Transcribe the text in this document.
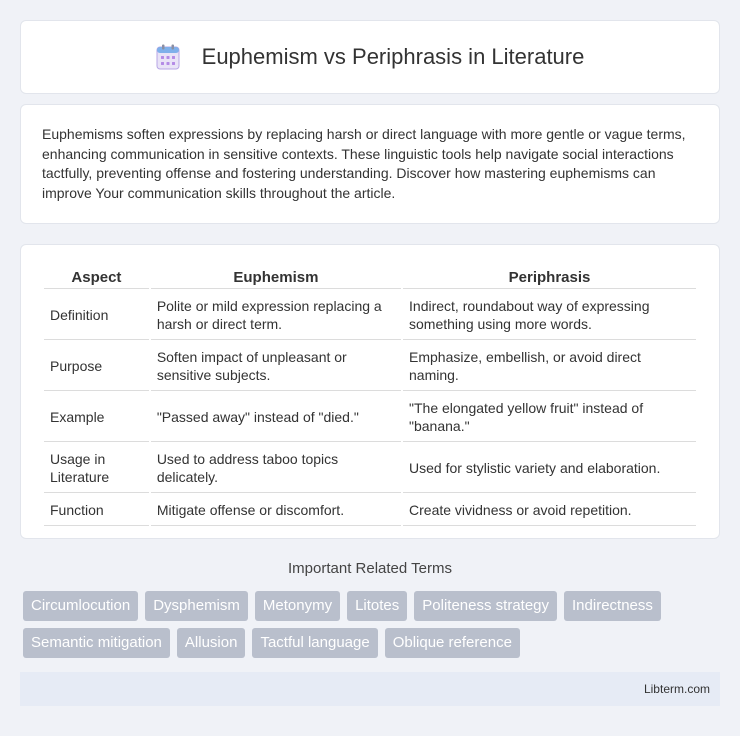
Euphemism vs Periphrasis in Literature

Euphemisms soften expressions by replacing harsh or direct language with more gentle or vague terms, enhancing communication in sensitive contexts. These linguistic tools help navigate social interactions tactfully, preventing offense and fostering understanding. Discover how mastering euphemisms can improve Your communication skills throughout the article.

Aspect	Euphemism	Periphrasis
Definition	Polite or mild expression replacing a harsh or direct term.	Indirect, roundabout way of expressing something using more words.
Purpose	Soften impact of unpleasant or sensitive subjects.	Emphasize, embellish, or avoid direct naming.
Example	"Passed away" instead of "died."	"The elongated yellow fruit" instead of "banana."
Usage in Literature	Used to address taboo topics delicately.	Used for stylistic variety and elaboration.
Function	Mitigate offense or discomfort.	Create vividness or avoid repetition.
Important Related Terms
Circumlocution	Dysphemism	Metonymy	Litotes	Politeness strategy	Indirectness
Semantic mitigation	Allusion	Tactful language	Oblique reference
Libterm.com
